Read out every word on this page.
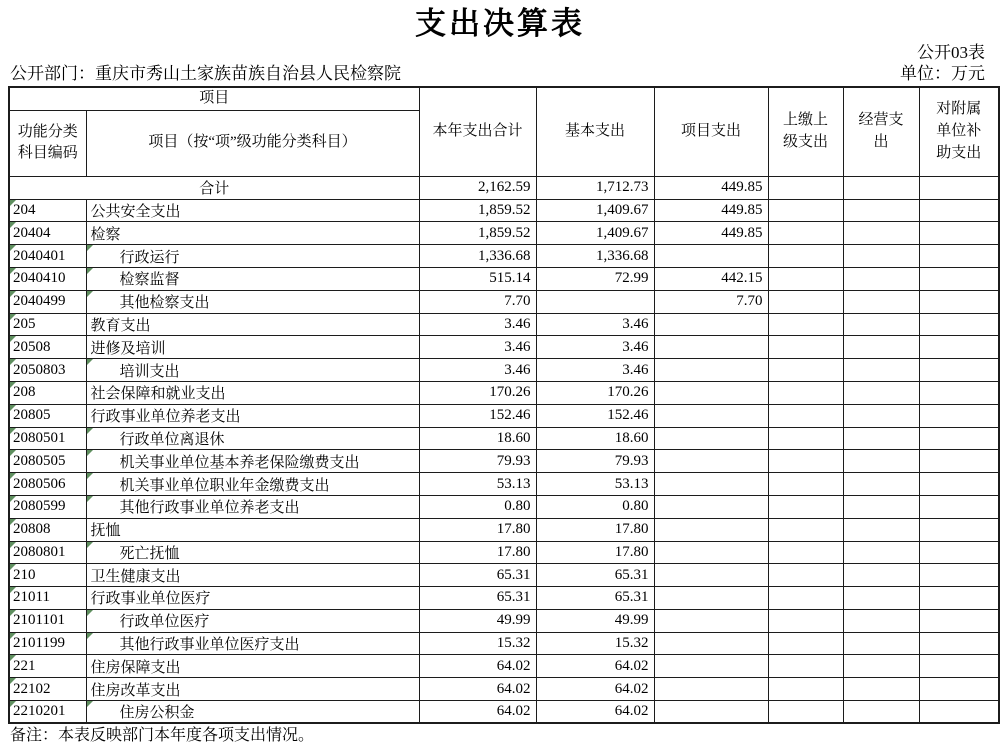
支出决算表
公开03表
公开部门：重庆市秀山土家族苗族自治县人民检察院	单位：万元
项目		本年支出合计	基本支出	项目支出	上缴上级支出	经营支出	对附属单位补助支出
功能分类科目编码	项目（按“项”级功能分类科目）						
合计		2,162.59	1,712.73	449.85			
204	公共安全支出	1,859.52	1,409.67	449.85			
20404	检察	1,859.52	1,409.67	449.85			
2040401	行政运行	1,336.68	1,336.68				
2040410	检察监督	515.14	72.99	442.15			
2040499	其他检察支出	7.70		7.70			
205	教育支出	3.46	3.46				
20508	进修及培训	3.46	3.46				
2050803	培训支出	3.46	3.46				
208	社会保障和就业支出	170.26	170.26				
20805	行政事业单位养老支出	152.46	152.46				
2080501	行政单位离退休	18.60	18.60				
2080505	机关事业单位基本养老保险缴费支出	79.93	79.93				
2080506	机关事业单位职业年金缴费支出	53.13	53.13				
2080599	其他行政事业单位养老支出	0.80	0.80				
20808	抚恤	17.80	17.80				
2080801	死亡抚恤	17.80	17.80				
210	卫生健康支出	65.31	65.31				
21011	行政事业单位医疗	65.31	65.31				
2101101	行政单位医疗	49.99	49.99				
2101199	其他行政事业单位医疗支出	15.32	15.32				
221	住房保障支出	64.02	64.02				
22102	住房改革支出	64.02	64.02				
2210201	住房公积金	64.02	64.02				
备注：本表反映部门本年度各项支出情况。
